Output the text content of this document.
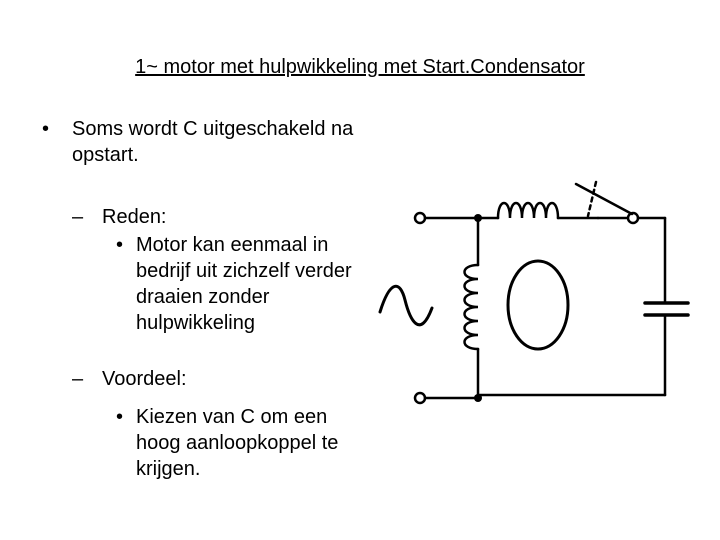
1~ motor met hulpwikkeling met Start.Condensator
• Soms wordt C uitgeschakeld na opstart.
– Reden:
• Motor kan eenmaal in bedrijf uit zichzelf verder draaien zonder hulpwikkeling
– Voordeel:
• Kiezen van C om een hoog aanloopkoppel te krijgen.
